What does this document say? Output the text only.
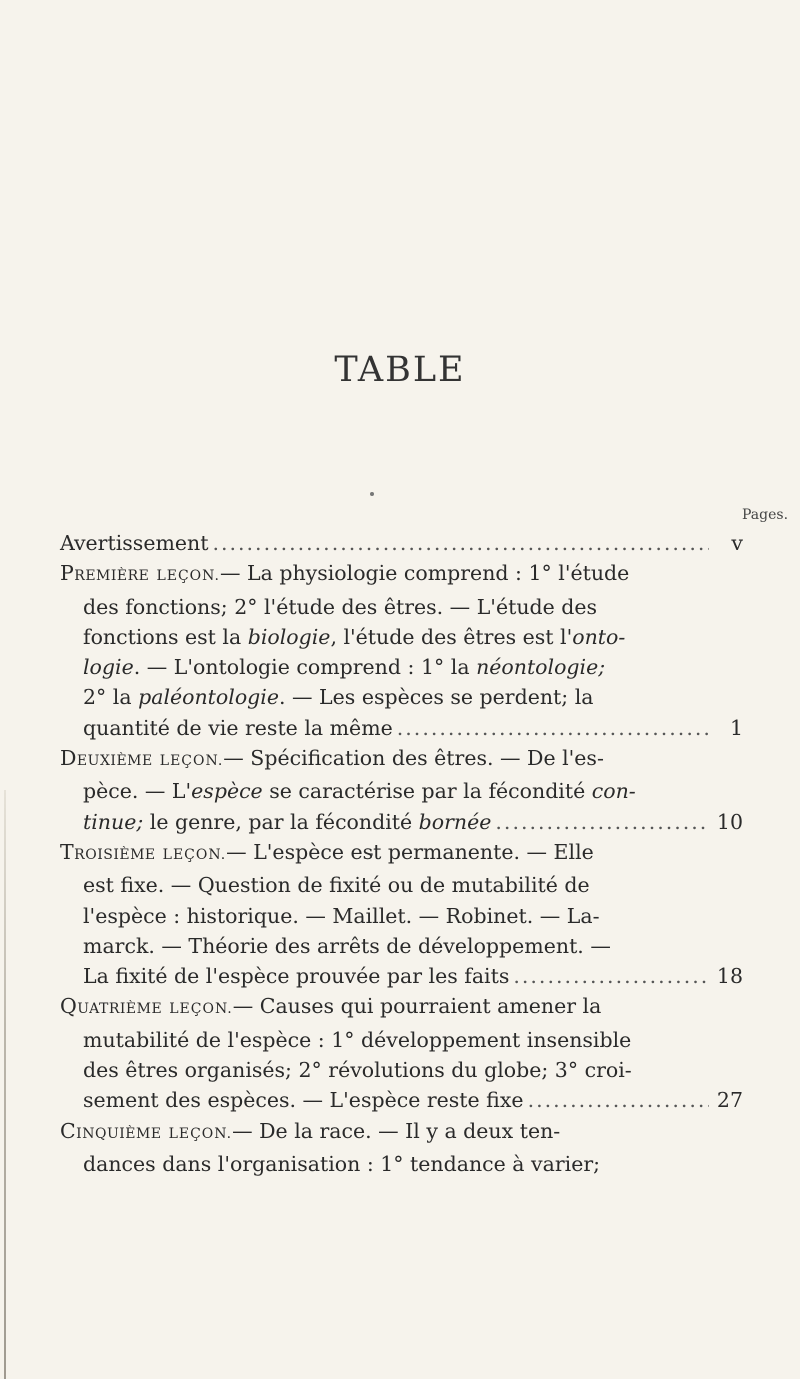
TABLE
Pages.
Avertissement .....	v
Première LEÇON. — La physiologie comprend : 1° l'étude
des fonctions; 2° l'étude des êtres. — L'étude des
fonctions est la biologie, l'étude des êtres est l'onto-
logie. — L'ontologie comprend : 1° la néontologie;
2° la paléontologie. — Les espèces se perdent; la
quantité de vie reste la même .....	1
Deuxième LEÇON. — Spécification des êtres. — De l'es-
pèce. — L'espèce se caractérise par la fécondité con-
tinue; le genre, par la fécondité bornée .....	10
Troisième LEÇON. — L'espèce est permanente. — Elle
est fixe. — Question de fixité ou de mutabilité de
l'espèce : historique. — Maillet. — Robinet. — La-
marck. — Théorie des arrêts de développement. —
La fixité de l'espèce prouvée par les faits .....	18
Quatrième LEÇON. — Causes qui pourraient amener la
mutabilité de l'espèce : 1° développement insensible
des êtres organisés; 2° révolutions du globe; 3° croi-
sement des espèces. — L'espèce reste fixe .....	27
Cinquième LEÇON. — De la race. — Il y a deux ten-
dances dans l'organisation : 1° tendance à varier;
